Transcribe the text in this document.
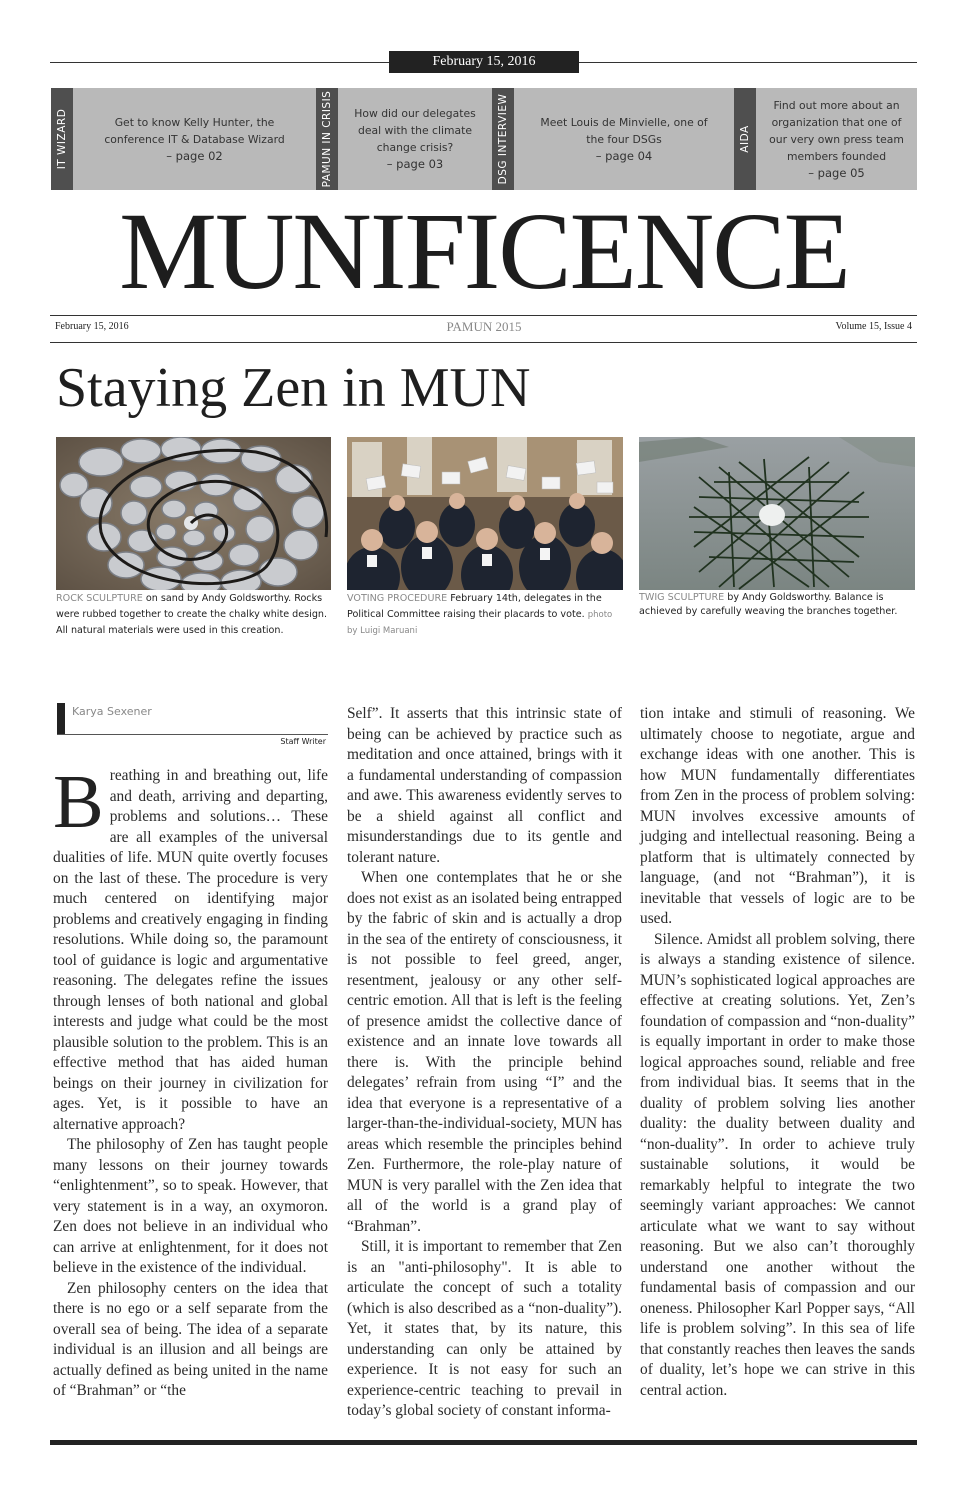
February 15, 2016
IT WIZARD	Get to know Kelly Hunter, the conference IT & Database Wizard
– page 02	PAMUN IN CRISIS	How did our delegates deal with the climate change crisis?
– page 03	DSG INTERVIEW	Meet Louis de Minvielle, one of the four DSGs
– page 04
AIDA
Find out more about an organization that one of our very own press team members founded
– page 05
MUNIFICENCE
February 15, 2016	PAMUN 2015	Volume 15, Issue 4
Staying Zen in MUN
ROCK SCULPTURE on sand by Andy Goldsworthy. Rocks were rubbed together to create the chalky white design. All natural materials were used in this creation.
VOTING PROCEDURE February 14th, delegates in the Political Committee raising their placards to vote. photo by Luigi Maruani
TWIG SCULPTURE by Andy Goldsworthy. Balance is achieved by carefully weaving the branches together.
Karya Sexener
Staff Writer

Breathing in and breathing out, life and death, arriving and departing, problems and solutions… These are all examples of the universal dualities of life. MUN quite overtly focuses on the last of these. The procedure is very much centered on identifying major problems and creatively engaging in finding resolutions. While doing so, the paramount tool of guidance is logic and argumentative reasoning. The delegates refine the issues through lenses of both national and global interests and judge what could be the most plausible solution to the problem. This is an effective method that has aided human beings on their journey in civilization for ages. Yet, is it possible to have an alternative approach?

The philosophy of Zen has taught people many lessons on their journey towards “enlightenment”, so to speak. However, that very statement is in a way, an oxymoron. Zen does not believe in an individual who can arrive at enlightenment, for it does not believe in the existence of the individual.

Zen philosophy centers on the idea that there is no ego or a self separate from the overall sea of being. The idea of a separate individual is an illusion and all beings are actually defined as being united in the name of “Brahman” or “the

Self”. It asserts that this intrinsic state of being can be achieved by practice such as meditation and once attained, brings with it a fundamental understanding of compassion and awe. This awareness evidently serves to be a shield against all conflict and misunderstandings due to its gentle and tolerant nature.

When one contemplates that he or she does not exist as an isolated being entrapped by the fabric of skin and is actually a drop in the sea of the entirety of consciousness, it is not possible to feel greed, anger, resentment, jealousy or any other self-centric emotion. All that is left is the feeling of presence amidst the collective dance of existence and an innate love towards all there is. With the principle behind delegates’ refrain from using “I” and the idea that everyone is a representative of a larger-than-the-individual-society, MUN has areas which resemble the principles behind Zen. Furthermore, the role-play nature of MUN is very parallel with the Zen idea that all of the world is a grand play of “Brahman”.

Still, it is important to remember that Zen is an "anti-philosophy". It is able to articulate the concept of such a totality (which is also described as a “non-duality”). Yet, it states that, by its nature, this understanding can only be attained by experience. It is not easy for such an experience-centric teaching to prevail in today’s global society of constant informa-

tion intake and stimuli of reasoning. We ultimately choose to negotiate, argue and exchange ideas with one another. This is how MUN fundamentally differentiates from Zen in the process of problem solving: MUN involves excessive amounts of judging and intellectual reasoning. Being a platform that is ultimately connected by language, (and not “Brahman”), it is inevitable that vessels of logic are to be used.

Silence. Amidst all problem solving, there is always a standing existence of silence. MUN’s sophisticated logical approaches are effective at creating solutions. Yet, Zen’s foundation of compassion and “non-duality” is equally important in order to make those logical approaches sound, reliable and free from individual bias. It seems that in the duality of problem solving lies another duality: the duality between duality and “non-duality”. In order to achieve truly sustainable solutions, it would be remarkably helpful to integrate the two seemingly variant approaches: We cannot articulate what we want to say without reasoning. But we also can’t thoroughly understand one another without the fundamental basis of compassion and our oneness. Philosopher Karl Popper says, “All life is problem solving”. In this sea of life that constantly reaches then leaves the sands of duality, let’s hope we can strive in this central action.
